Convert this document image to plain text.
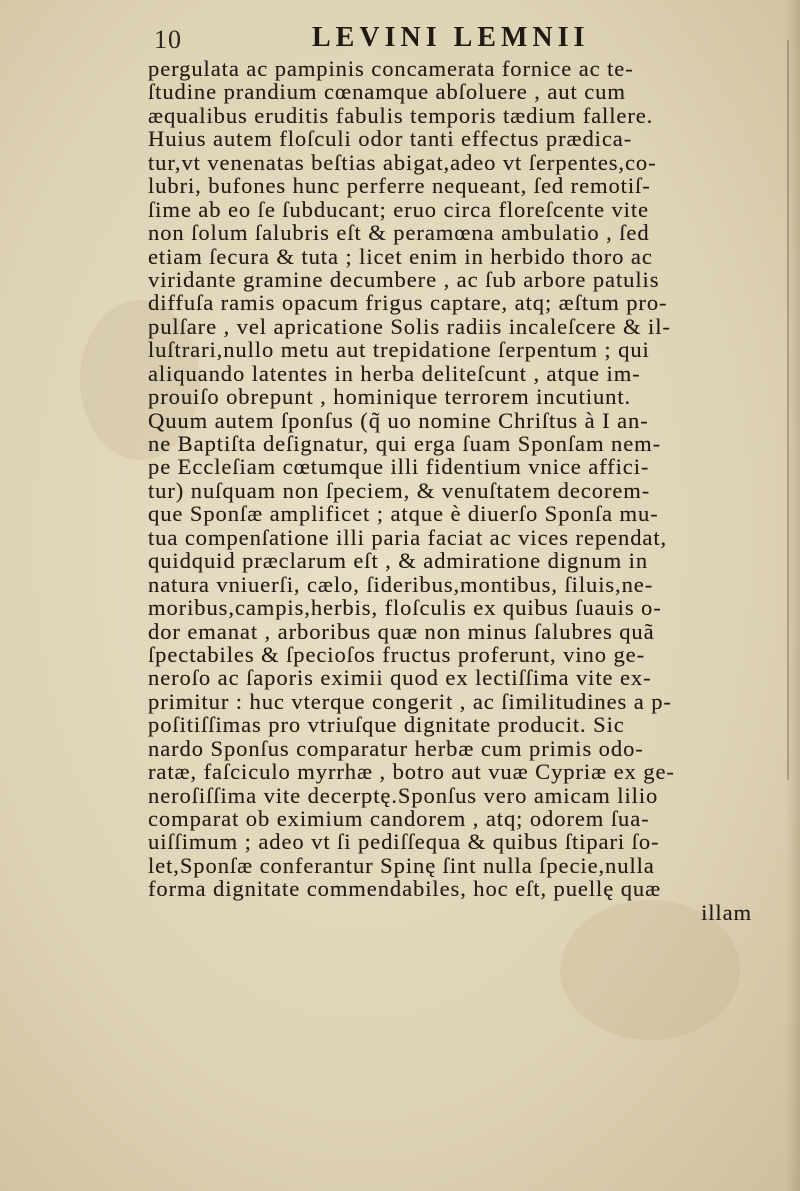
10	LEVINI LEMNII
pergulata ac pampinis concamerata fornice ac te-
ſtudine prandium cœnamque abſoluere , aut cum
æqualibus eruditis fabulis temporis tædium fallere.
Huius autem floſculi odor tanti effectus prædica-
tur,vt venenatas beſtias abigat,adeo vt ſerpentes,co-
lubri, bufones hunc perferre nequeant, ſed remotiſ-
ſime ab eo ſe ſubducant; eruo circa floreſcente vite
non ſolum ſalubris eſt & peramœna ambulatio , ſed
etiam ſecura & tuta ; licet enim in herbido thoro ac
viridante gramine decumbere , ac ſub arbore patulis
diffuſa ramis opacum frigus captare, atq; æſtum pro-
pulſare , vel apricatione Solis radiis incaleſcere & il-
luſtrari,nullo metu aut trepidatione ſerpentum ; qui
aliquando latentes in herba deliteſcunt , atque im-
prouiſo obrepunt , hominique terrorem incutiunt.
Quum autem ſponſus (q̃ uo nomine Chriſtus à I an-
ne Baptiſta deſignatur, qui erga ſuam Sponſam nem-
pe Eccleſiam cœtumque illi fidentium vnice affici-
tur) nuſquam non ſpeciem, & venuſtatem decorem-
que Sponſæ amplificet ; atque è diuerſo Sponſa mu-
tua compenſatione illi paria faciat ac vices rependat,
quidquid præclarum eſt , & admiratione dignum in
natura vniuerſi, cælo, ſideribus,montibus, ſiluis,ne-
moribus,campis,herbis, floſculis ex quibus ſuauis o-
dor emanat , arboribus quæ non minus ſalubres quã
ſpectabiles & ſpecioſos fructus proferunt, vino ge-
neroſo ac ſaporis eximii quod ex lectiſſima vite ex-
primitur : huc vterque congerit , ac ſimilitudines a p-
poſitiſſimas pro vtriuſque dignitate producit. Sic
nardo Sponſus comparatur herbæ cum primis odo-
ratæ, faſciculo myrrhæ , botro aut vuæ Cypriæ ex ge-
neroſiſſima vite decerptę.Sponſus vero amicam lilio
comparat ob eximium candorem , atq; odorem ſua-
uiſſimum ; adeo vt ſi pediſſequa & quibus ſtipari ſo-
let,Sponſæ conferantur Spinę ſint nulla ſpecie,nulla
forma dignitate commendabiles, hoc eſt, puellę quæ
illam
